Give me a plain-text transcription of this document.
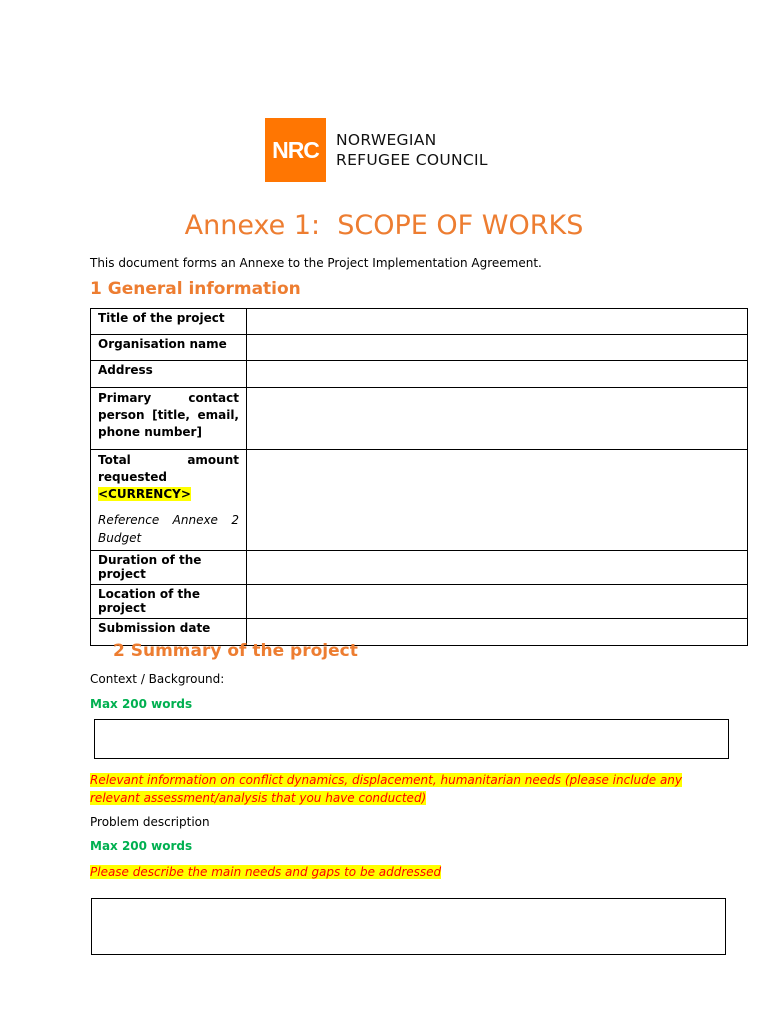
NRC	NORWEGIAN
REFUGEE COUNCIL
Annexe 1:  SCOPE OF WORKS
This document forms an Annexe to the Project Implementation Agreement.
1 General information
Title of the project	
Organisation name	
Address	
Primary contact person [title, email, phone number]	
Total amount requested
<CURRENCY>
Reference Annexe 2 Budget	

Duration of the project	
Location of the project	
Submission date	
2 Summary of the project
Context / Background:
Max 200 words
Relevant information on conflict dynamics, displacement, humanitarian needs (please include any relevant assessment/analysis that you have conducted)
Problem description
Max 200 words
Please describe the main needs and gaps to be addressed
